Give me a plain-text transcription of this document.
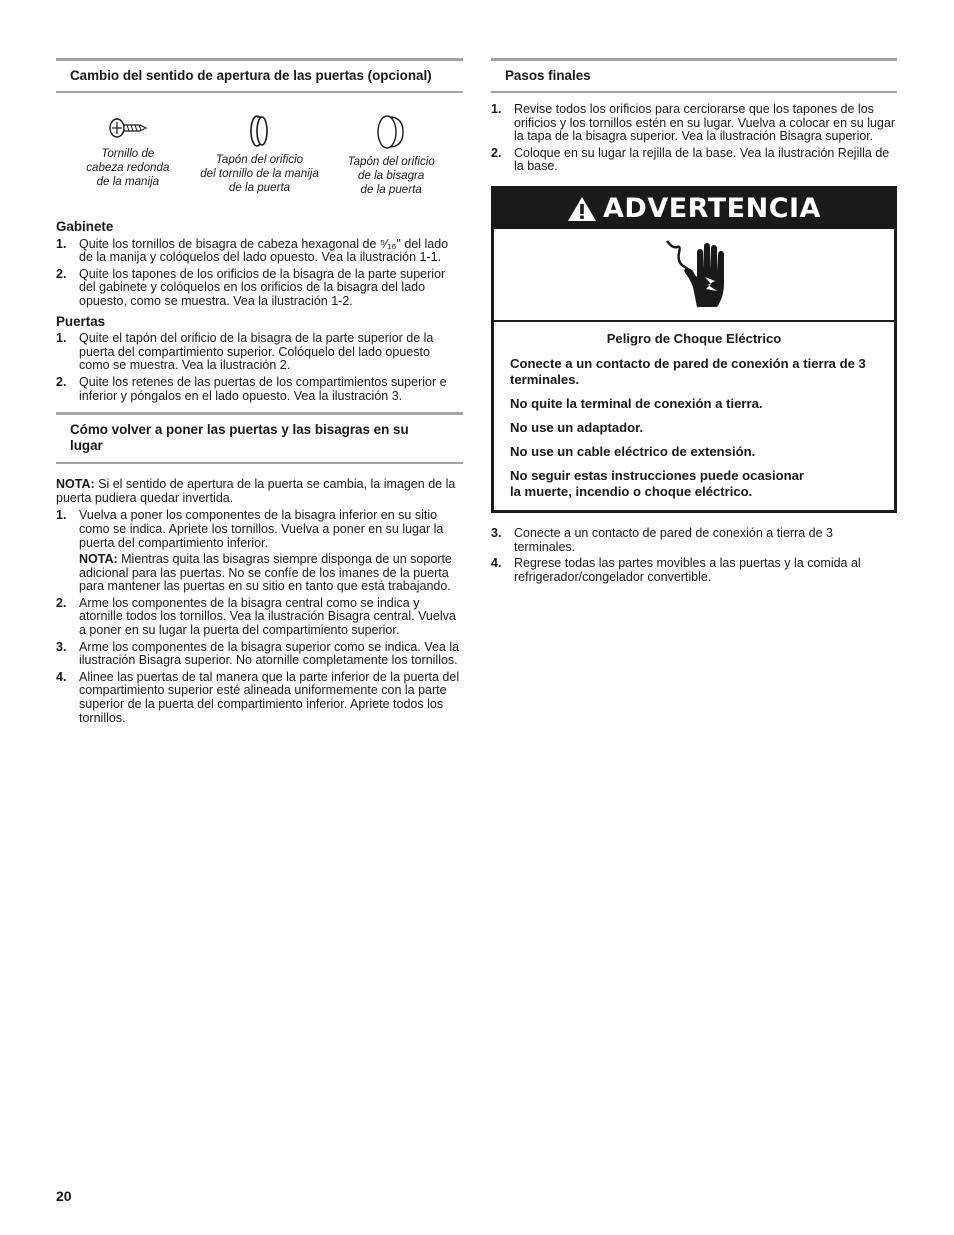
Cambio del sentido de apertura de las puertas (opcional)
Tornillo de
cabeza redonda
de la manija
Tapón del orificio
del tornillo de la manija
de la puerta
Tapón del orificio
de la bisagra
de la puerta
Gabinete
1. Quite los tornillos de bisagra de cabeza hexagonal de ⁵⁄₁₆" del lado de la manija y colóquelos del lado opuesto. Vea la ilustración 1-1.
2. Quite los tapones de los orificios de la bisagra de la parte superior del gabinete y colóquelos en los orificios de la bisagra del lado opuesto, como se muestra. Vea la ilustración 1-2.
Puertas
1. Quite el tapón del orificio de la bisagra de la parte superior de la puerta del compartimiento superior. Colóquelo del lado opuesto como se muestra. Vea la ilustración 2.
2. Quite los retenes de las puertas de los compartimientos superior e inferior y póngalos en el lado opuesto. Vea la ilustración 3.
Cómo volver a poner las puertas y las bisagras en su lugar

NOTA: Si el sentido de apertura de la puerta se cambia, la imagen de la puerta pudiera quedar invertida.

1. Vuelva a poner los componentes de la bisagra inferior en su sitio como se indica. Apriete los tornillos. Vuelva a poner en su lugar la puerta del compartimiento inferior.
NOTA: Mientras quita las bisagras siempre disponga de un soporte adicional para las puertas. No se confíe de los imanes de la puerta para mantener las puertas en su sitio en tanto que está trabajando.
2. Arme los componentes de la bisagra central como se indica y atornille todos los tornillos. Vea la ilustración Bisagra central. Vuelva a poner en su lugar la puerta del compartimiento superior.
3. Arme los componentes de la bisagra superior como se indica. Vea la ilustración Bisagra superior. No atornille completamente los tornillos.
4. Alinee las puertas de tal manera que la parte inferior de la puerta del compartimiento superior esté alineada uniformemente con la parte superior de la puerta del compartimiento inferior. Apriete todos los tornillos.
Pasos finales
1. Revise todos los orificios para cerciorarse que los tapones de los orificios y los tornillos estén en su lugar. Vuelva a colocar en su lugar la tapa de la bisagra superior. Vea la ilustración Bisagra superior.
2. Coloque en su lugar la rejilla de la base. Vea la ilustración Rejilla de la base.
ADVERTENCIA
Peligro de Choque Eléctrico

Conecte a un contacto de pared de conexión a tierra de 3 terminales.

No quite la terminal de conexión a tierra.

No use un adaptador.

No use un cable eléctrico de extensión.

No seguir estas instrucciones puede ocasionar la muerte, incendio o choque eléctrico.

3. Conecte a un contacto de pared de conexión a tierra de 3 terminales.
4. Regrese todas las partes movibles a las puertas y la comida al refrigerador/congelador convertible.
20
